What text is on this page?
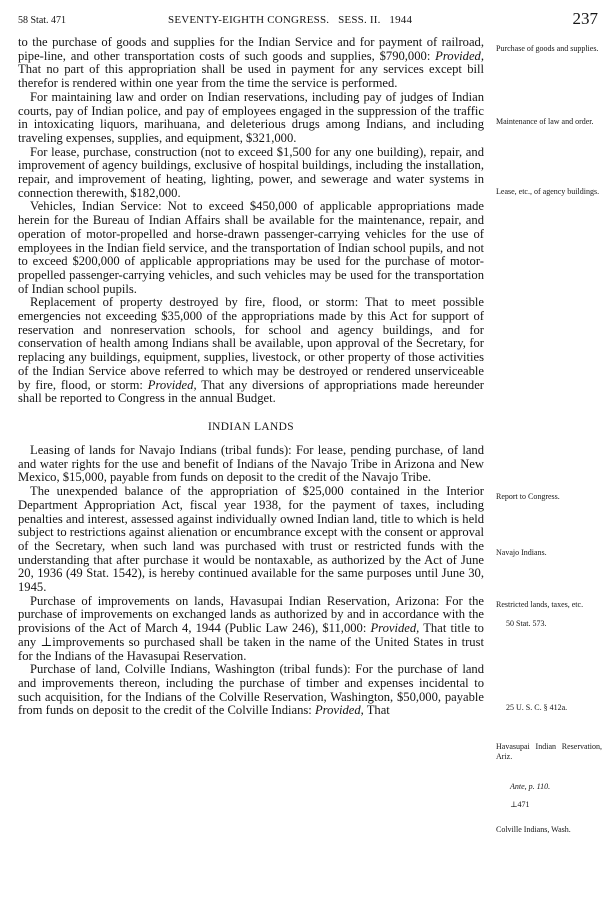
58 Stat. 471	SEVENTY-EIGHTH CONGRESS.   SESS. II.   1944	237

to the purchase of goods and supplies for the Indian Service and for payment of railroad, pipe-line, and other transportation costs of such goods and supplies, $790,000: Provided, That no part of this appropriation shall be used in payment for any services except bill therefor is rendered within one year from the time the service is performed.

For maintaining law and order on Indian reservations, including pay of judges of Indian courts, pay of Indian police, and pay of employees engaged in the suppression of the traffic in intoxicating liquors, marihuana, and deleterious drugs among Indians, and including traveling expenses, supplies, and equipment, $321,000.

For lease, purchase, construction (not to exceed $1,500 for any one building), repair, and improvement of agency buildings, exclusive of hospital buildings, including the installation, repair, and improvement of heating, lighting, power, and sewerage and water systems in connection therewith, $182,000.

Vehicles, Indian Service: Not to exceed $450,000 of applicable appropriations made herein for the Bureau of Indian Affairs shall be available for the maintenance, repair, and operation of motor-propelled and horse-drawn passenger-carrying vehicles for the use of employees in the Indian field service, and the transportation of Indian school pupils, and not to exceed $200,000 of applicable appropriations may be used for the purchase of motor-propelled passenger-carrying vehicles, and such vehicles may be used for the transportation of Indian school pupils.

Replacement of property destroyed by fire, flood, or storm: That to meet possible emergencies not exceeding $35,000 of the appropriations made by this Act for support of reservation and nonreservation schools, for school and agency buildings, and for conservation of health among Indians shall be available, upon approval of the Secretary, for replacing any buildings, equipment, supplies, livestock, or other property of those activities of the Indian Service above referred to which may be destroyed or rendered unserviceable by fire, flood, or storm: Provided, That any diversions of appropriations made hereunder shall be reported to Congress in the annual Budget.

INDIAN LANDS

Leasing of lands for Navajo Indians (tribal funds): For lease, pending purchase, of land and water rights for the use and benefit of Indians of the Navajo Tribe in Arizona and New Mexico, $15,000, payable from funds on deposit to the credit of the Navajo Tribe.

The unexpended balance of the appropriation of $25,000 contained in the Interior Department Appropriation Act, fiscal year 1938, for the payment of taxes, including penalties and interest, assessed against individually owned Indian land, title to which is held subject to restrictions against alienation or encumbrance except with the consent or approval of the Secretary, when such land was purchased with trust or restricted funds with the understanding that after purchase it would be nontaxable, as authorized by the Act of June 20, 1936 (49 Stat. 1542), is hereby continued available for the same purposes until June 30, 1945.

Purchase of improvements on lands, Havasupai Indian Reservation, Arizona: For the purchase of improvements on exchanged lands as authorized by and in accordance with the provisions of the Act of March 4, 1944 (Public Law 246), $11,000: Provided, That title to any ⊥improvements so purchased shall be taken in the name of the United States in trust for the Indians of the Havasupai Reservation.

Purchase of land, Colville Indians, Washington (tribal funds): For the purchase of land and improvements thereon, including the purchase of timber and expenses incidental to such acquisition, for the Indians of the Colville Reservation, Washington, $50,000, payable from funds on deposit to the credit of the Colville Indians: Provided, That

Purchase of goods and supplies.
Maintenance of law and order.
Lease, etc., of agency buildings.
Report to Congress.
Navajo Indians.
Restricted lands, taxes, etc.
50 Stat. 573.
25 U. S. C. § 412a.
Havasupai Indian Reservation, Ariz.
Ante, p. 110.
⊥471
Colville Indians, Wash.
